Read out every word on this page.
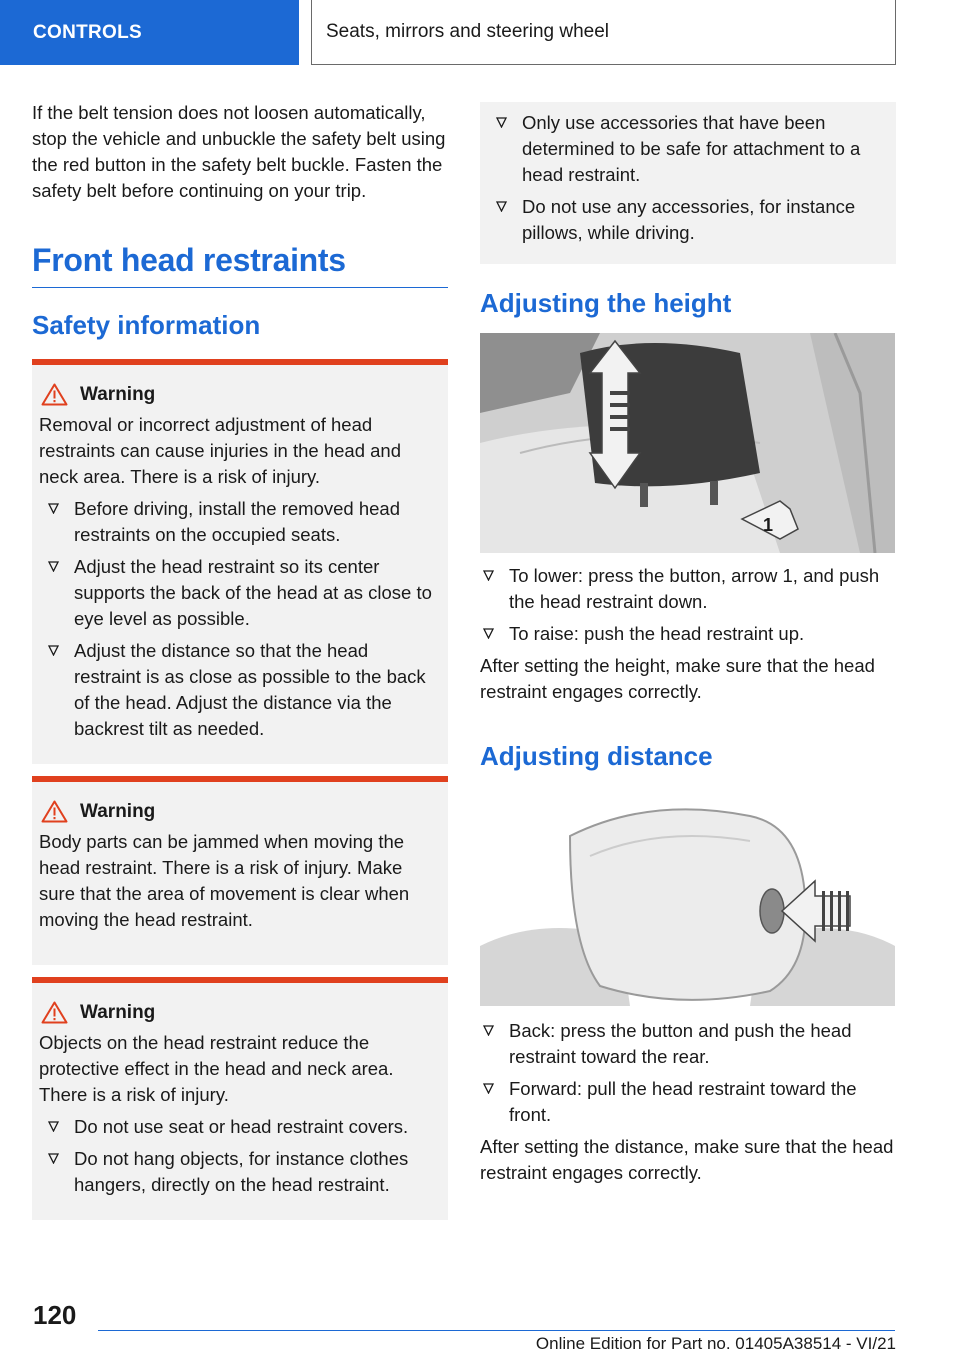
CONTROLS	Seats, mirrors and steering wheel

If the belt tension does not loosen automatically, stop the vehicle and unbuckle the safety belt using the red button in the safety belt buckle. Fasten the safety belt before continuing on your trip.

Front head restraints
Safety information
Warning

Removal or incorrect adjustment of head restraints can cause injuries in the head and neck area. There is a risk of injury.

Before driving, install the removed head restraints on the occupied seats.
Adjust the head restraint so its center supports the back of the head at as close to eye level as possible.
Adjust the distance so that the head restraint is as close as possible to the back of the head. Adjust the distance via the backrest tilt as needed.
Warning

Body parts can be jammed when moving the head restraint. There is a risk of injury. Make sure that the area of movement is clear when moving the head restraint.

Warning

Objects on the head restraint reduce the protective effect in the head and neck area. There is a risk of injury.

Do not use seat or head restraint covers.
Do not hang objects, for instance clothes hangers, directly on the head restraint.
Only use accessories that have been determined to be safe for attachment to a head restraint.
Do not use any accessories, for instance pillows, while driving.
Adjusting the height
1
To lower: press the button, arrow 1, and push the head restraint down.
To raise: push the head restraint up.

After setting the height, make sure that the head restraint engages correctly.

Adjusting distance
Back: press the button and push the head restraint toward the rear.
Forward: pull the head restraint toward the front.

After setting the distance, make sure that the head restraint engages correctly.

120
Online Edition for Part no. 01405A38514 - VI/21
